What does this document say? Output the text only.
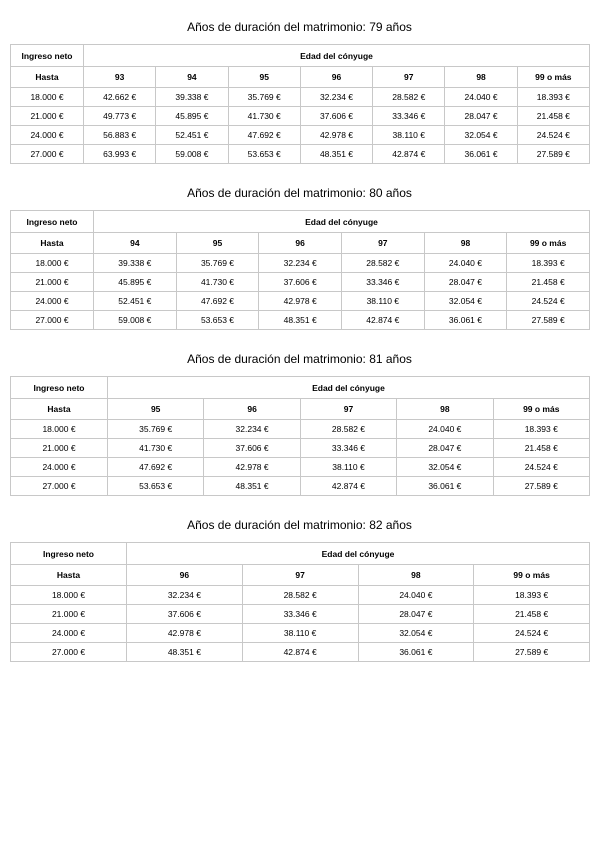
Años de duración del matrimonio: 79 años
Ingreso neto	Edad del cónyuge						
Hasta	93	94	95	96	97	98	99 o más
18.000 €	42.662 €	39.338 €	35.769 €	32.234 €	28.582 €	24.040 €	18.393 €
21.000 €	49.773 €	45.895 €	41.730 €	37.606 €	33.346 €	28.047 €	21.458 €
24.000 €	56.883 €	52.451 €	47.692 €	42.978 €	38.110 €	32.054 €	24.524 €
27.000 €	63.993 €	59.008 €	53.653 €	48.351 €	42.874 €	36.061 €	27.589 €
Años de duración del matrimonio: 80 años
Ingreso neto	Edad del cónyuge					
Hasta	94	95	96	97	98	99 o más
18.000 €	39.338 €	35.769 €	32.234 €	28.582 €	24.040 €	18.393 €
21.000 €	45.895 €	41.730 €	37.606 €	33.346 €	28.047 €	21.458 €
24.000 €	52.451 €	47.692 €	42.978 €	38.110 €	32.054 €	24.524 €
27.000 €	59.008 €	53.653 €	48.351 €	42.874 €	36.061 €	27.589 €
Años de duración del matrimonio: 81 años
Ingreso neto	Edad del cónyuge				
Hasta	95	96	97	98	99 o más
18.000 €	35.769 €	32.234 €	28.582 €	24.040 €	18.393 €
21.000 €	41.730 €	37.606 €	33.346 €	28.047 €	21.458 €
24.000 €	47.692 €	42.978 €	38.110 €	32.054 €	24.524 €
27.000 €	53.653 €	48.351 €	42.874 €	36.061 €	27.589 €
Años de duración del matrimonio: 82 años
Ingreso neto	Edad del cónyuge			
Hasta	96	97	98	99 o más
18.000 €	32.234 €	28.582 €	24.040 €	18.393 €
21.000 €	37.606 €	33.346 €	28.047 €	21.458 €
24.000 €	42.978 €	38.110 €	32.054 €	24.524 €
27.000 €	48.351 €	42.874 €	36.061 €	27.589 €
